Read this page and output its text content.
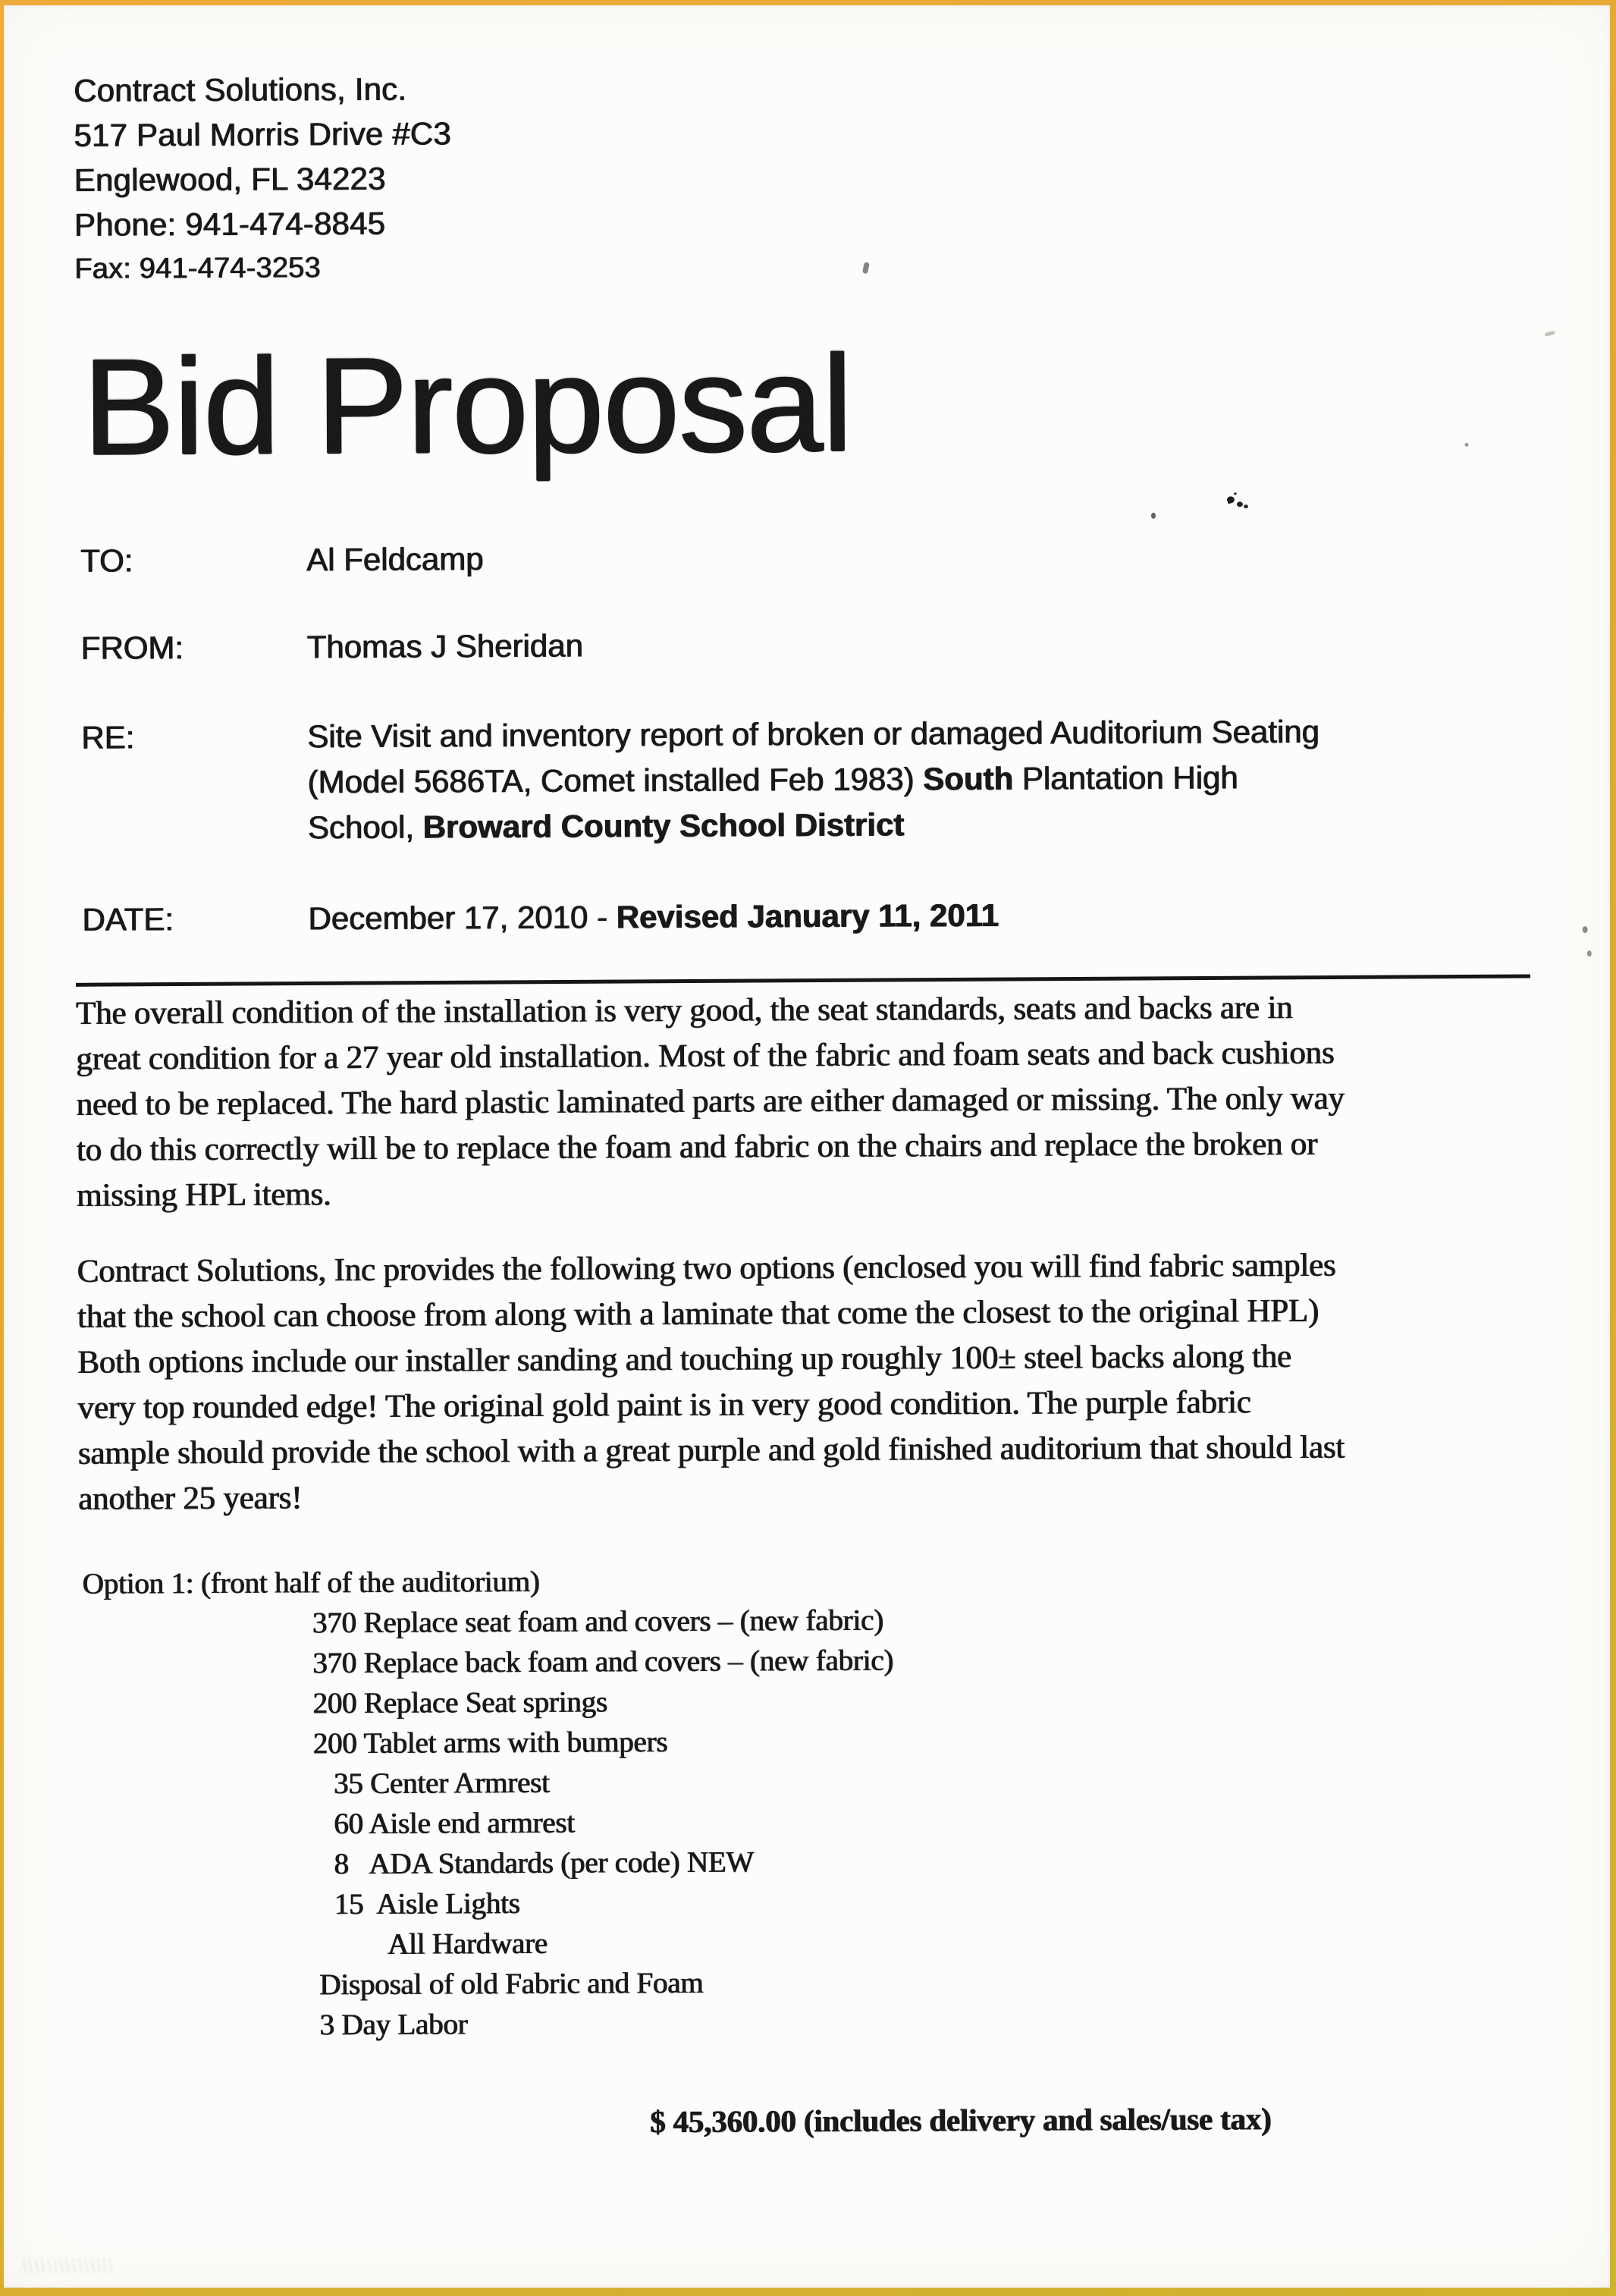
Contract Solutions, Inc.
517 Paul Morris Drive #C3
Englewood, FL 34223
Phone: 941-474-8845
Fax: 941-474-3253
Bid Proposal
TO:	Al Feldcamp
FROM:	Thomas J Sheridan
RE:	Site Visit and inventory report of broken or damaged Auditorium Seating
(Model 5686TA, Comet installed Feb 1983) South Plantation High
School, Broward County School District
DATE:	December 17, 2010 - Revised January 11, 2011
The overall condition of the installation is very good, the seat standards, seats and backs are in
great condition for a 27 year old installation. Most of the fabric and foam seats and back cushions
need to be replaced. The hard plastic laminated parts are either damaged or missing. The only way
to do this correctly will be to replace the foam and fabric on the chairs and replace the broken or
missing HPL items.
Contract Solutions, Inc provides the following two options (enclosed you will find fabric samples
that the school can choose from along with a laminate that come the closest to the original HPL)
Both options include our installer sanding and touching up roughly 100± steel backs along the
very top rounded edge! The original gold paint is in very good condition. The purple fabric
sample should provide the school with a great purple and gold finished auditorium that should last
another 25 years!
Option 1: (front half of the auditorium)
370 Replace seat foam and covers – (new fabric)
370 Replace back foam and covers – (new fabric)
200 Replace Seat springs
200 Tablet arms with bumpers
35 Center Armrest
60 Aisle end armrest
8   ADA Standards (per code) NEW
15  Aisle Lights
All Hardware
Disposal of old Fabric and Foam
3 Day Labor
$ 45,360.00 (includes delivery and sales/use tax)
